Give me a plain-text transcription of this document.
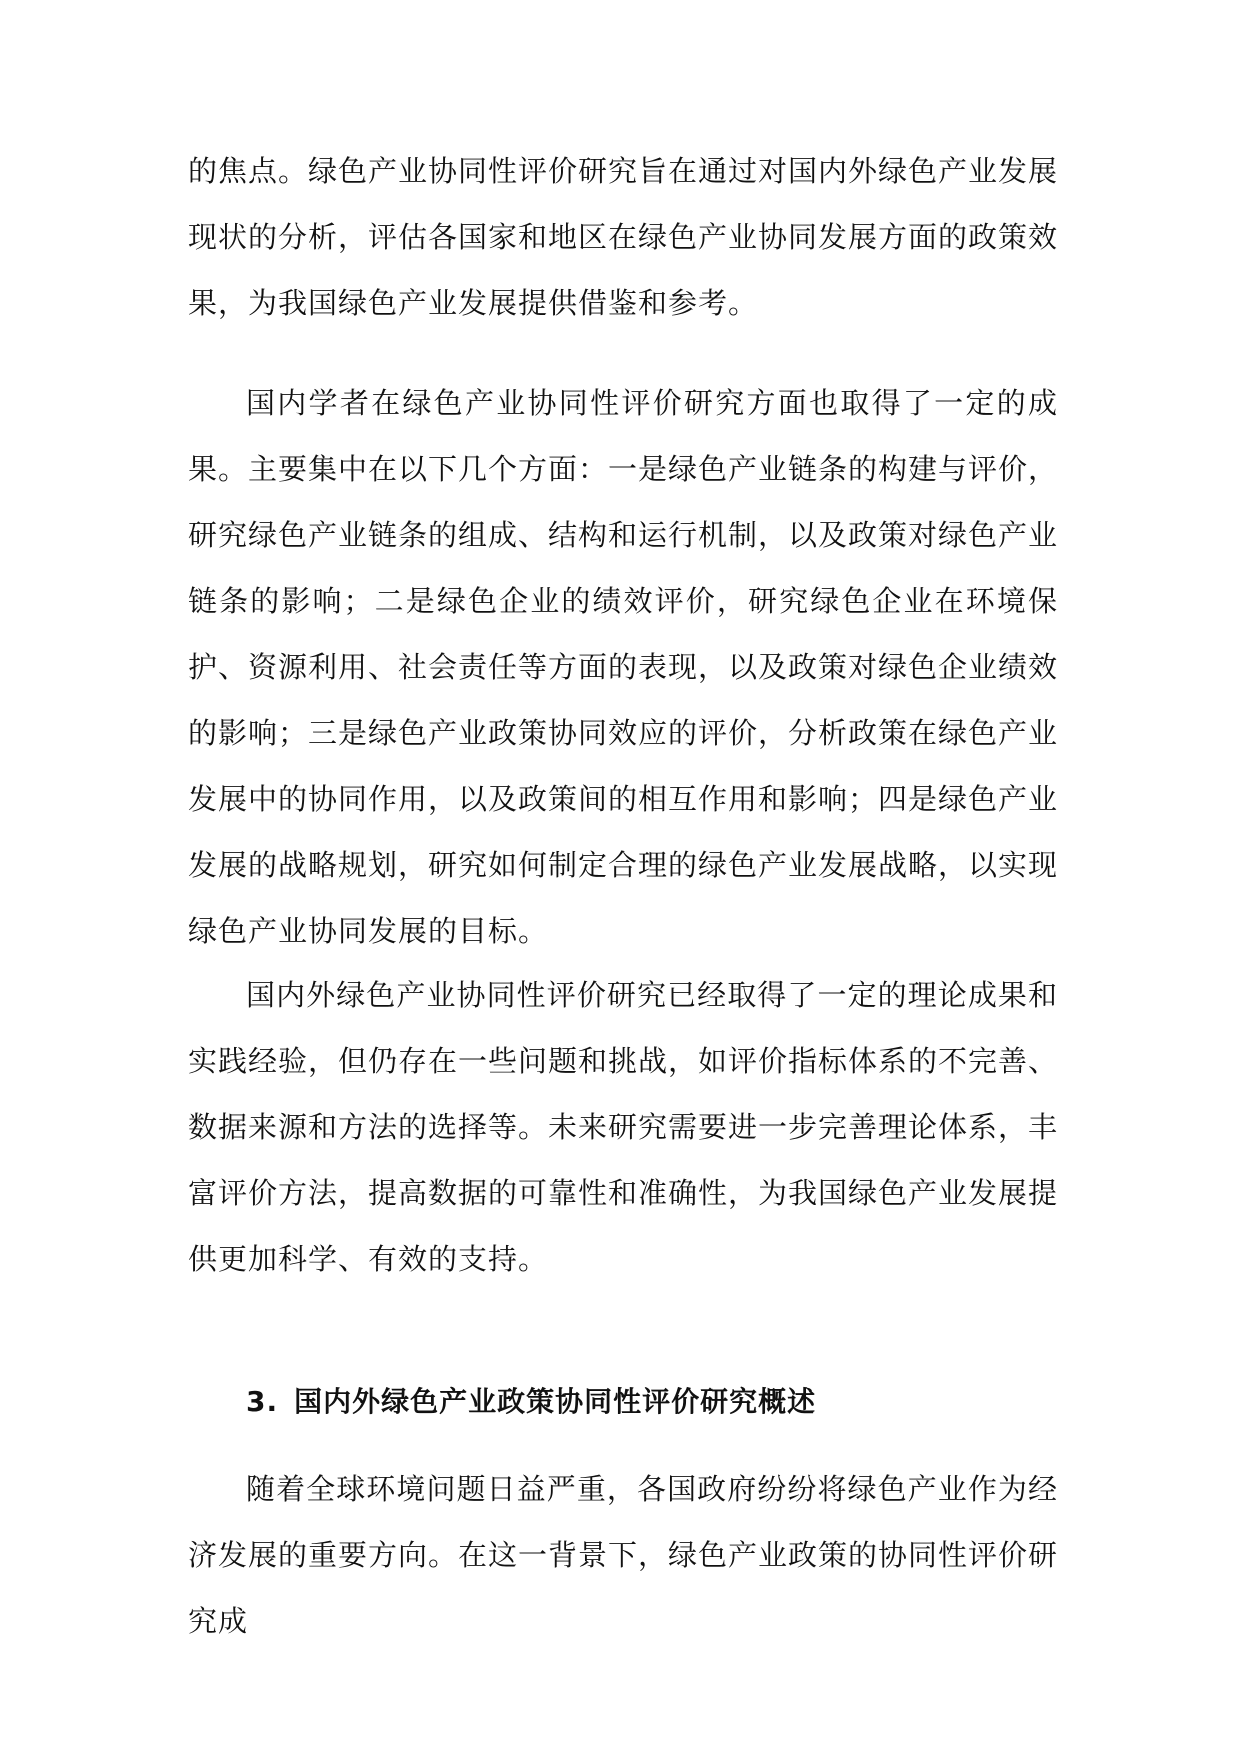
的焦点。绿色产业协同性评价研究旨在通过对国内外绿色产业发展现状的分析，评估各国家和地区在绿色产业协同发展方面的政策效果，为我国绿色产业发展提供借鉴和参考。

国内学者在绿色产业协同性评价研究方面也取得了一定的成果。主要集中在以下几个方面：一是绿色产业链条的构建与评价，研究绿色产业链条的组成、结构和运行机制，以及政策对绿色产业链条的影响；二是绿色企业的绩效评价，研究绿色企业在环境保护、资源利用、社会责任等方面的表现，以及政策对绿色企业绩效的影响；三是绿色产业政策协同效应的评价，分析政策在绿色产业发展中的协同作用，以及政策间的相互作用和影响；四是绿色产业发展的战略规划，研究如何制定合理的绿色产业发展战略，以实现绿色产业协同发展的目标。

国内外绿色产业协同性评价研究已经取得了一定的理论成果和实践经验，但仍存在一些问题和挑战，如评价指标体系的不完善、数据来源和方法的选择等。未来研究需要进一步完善理论体系，丰富评价方法，提高数据的可靠性和准确性，为我国绿色产业发展提供更加科学、有效的支持。

3. 国内外绿色产业政策协同性评价研究概述

随着全球环境问题日益严重，各国政府纷纷将绿色产业作为经济发展的重要方向。在这一背景下，绿色产业政策的协同性评价研究成
